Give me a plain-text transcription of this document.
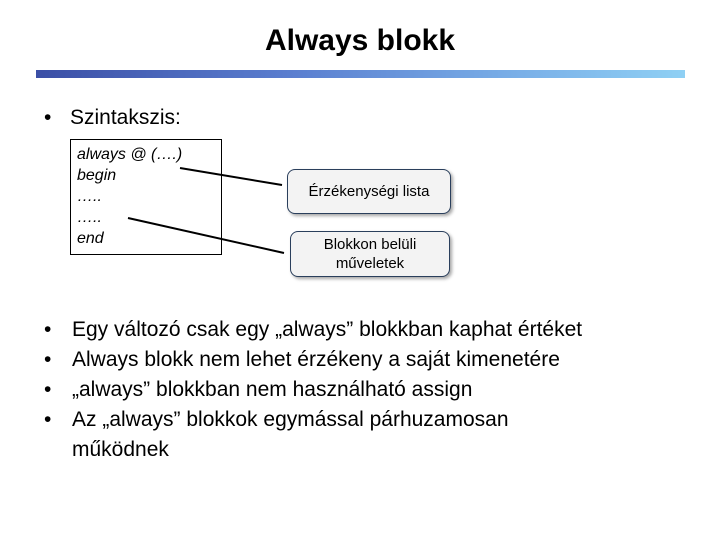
Always blokk
• Szintakszis:
always @ (….)
begin
…..
…..
end
Érzékenységi lista
Blokkon belüli műveletek
• Egy változó csak egy „always” blokkban kaphat értéket
• Always blokk nem lehet érzékeny a saját kimenetére
• „always” blokkban nem használható assign
• Az „always” blokkok egymással párhuzamosan működnek
